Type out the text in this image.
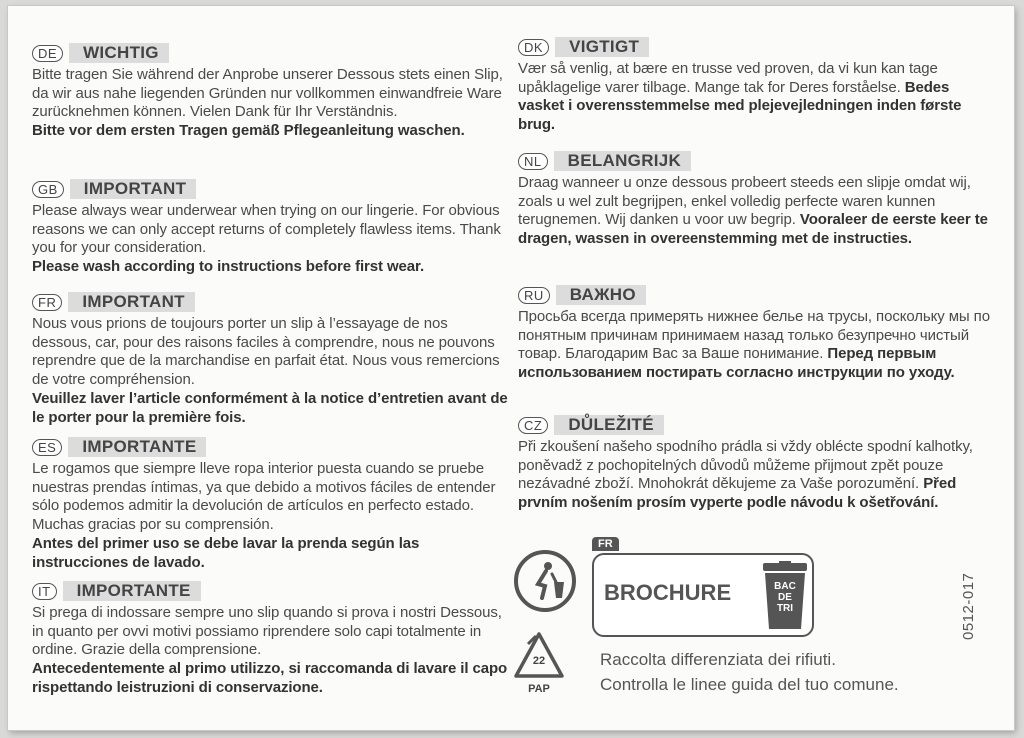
DE	WICHTIG
Bitte tragen Sie während der Anprobe unserer Dessous stets einen Slip, da wir aus nahe liegenden Gründen nur vollkommen einwandfreie Ware zurücknehmen können. Vielen Dank für Ihr Verständnis.
Bitte vor dem ersten Tragen gemäß Pflegeanleitung waschen.
GB	IMPORTANT
Please always wear underwear when trying on our lingerie. For obvious reasons we can only accept returns of completely flawless items. Thank you for your consideration.
Please wash according to instructions before first wear.
FR	IMPORTANT
Nous vous prions de toujours porter un slip à l’essayage de nos dessous, car, pour des raisons faciles à comprendre, nous ne pouvons reprendre que de la marchandise en parfait état. Nous vous remercions de votre compréhension.
Veuillez laver l’article conformément à la notice d’entretien avant de le porter pour la première fois.
ES	IMPORTANTE
Le rogamos que siempre lleve ropa interior puesta cuando se pruebe nuestras prendas íntimas, ya que debido a motivos fáciles de entender sólo podemos admitir la devolución de artículos en perfecto estado. Muchas gracias por su comprensión.
Antes del primer uso se debe lavar la prenda según las instrucciones de lavado.
IT	IMPORTANTE
Si prega di indossare sempre uno slip quando si prova i nostri Dessous, in quanto per ovvi motivi possiamo riprendere solo capi totalmente in ordine. Grazie della comprensione.
Antecedentemente al primo utilizzo, si raccomanda di lavare il capo rispettando leistruzioni di conservazione.
DK	VIGTIGT
Vær så venlig, at bære en trusse ved proven, da vi kun kan tage upåklagelige varer tilbage. Mange tak for Deres forståelse. Bedes vasket i overensstemmelse med plejevejledningen inden første brug.
NL	BELANGRIJK
Draag wanneer u onze dessous probeert steeds een slipje omdat wij, zoals u wel zult begrijpen, enkel volledig perfecte waren kunnen terugnemen. Wij danken u voor uw begrip. Vooraleer de eerste keer te dragen, wassen in overeenstemming met de instructies.
RU	ВАЖНО
Просьба всегда примерять нижнее белье на трусы, поскольку мы по понятным причинам принимаем назад только безупречно чистый товар. Благодарим Вас за Ваше понимание. Перед первым использованием постирать согласно инструкции по уходу.
CZ	DŮLEŽITÉ
Při zkoušení našeho spodního prádla si vždy oblécte spodní kalhotky, poněvadž z pochopitelných důvodů můžeme přijmout zpět pouze nezávadné zboží. Mnohokrát děkujeme za Vaše porozumění. Před prvním nošením prosím vyperte podle návodu k ošetřování.
FR
BROCHURE	BAC
DE
TRI
22
PAP
Raccolta differenziata dei rifiuti.
Controlla le linee guida del tuo comune.
0512-017
